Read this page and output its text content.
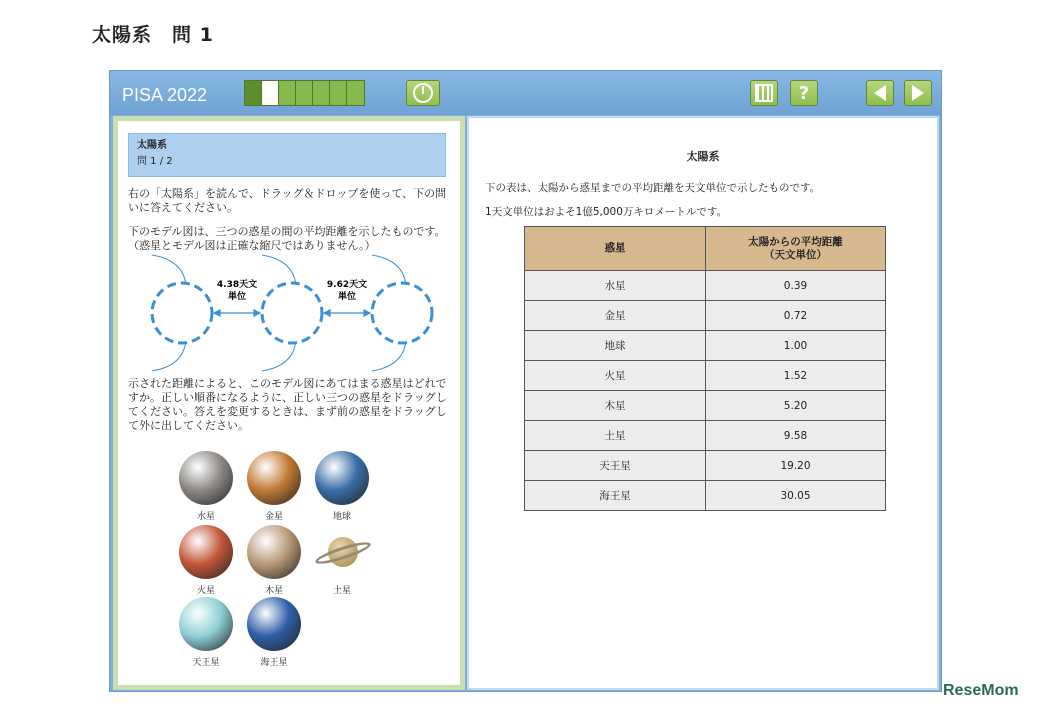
太陽系　問 1
PISA 2022	?
太陽系
問 1 / 2
右の「太陽系」を読んで、ドラッグ＆ドロップを使って、下の問いに答えてください。
下のモデル図は、三つの惑星の間の平均距離を示したものです。（惑星とモデル図は正確な縮尺ではありません。）
4.38天文
単位
9.62天文
単位
示された距離によると、このモデル図にあてはまる惑星はどれですか。正しい順番になるように、正しい三つの惑星をドラッグしてください。答えを変更するときは、まず前の惑星をドラッグして外に出してください。
水星	金星	地球
火星	木星	土星
天王星	海王星
太陽系
下の表は、太陽から惑星までの平均距離を天文単位で示したものです。
1天文単位はおよそ1億5,000万キロメートルです。
惑星	太陽からの平均距離
（天文単位）
水星	0.39
金星	0.72
地球	1.00
火星	1.52
木星	5.20
土星	9.58
天王星	19.20
海王星	30.05
ReseMom
